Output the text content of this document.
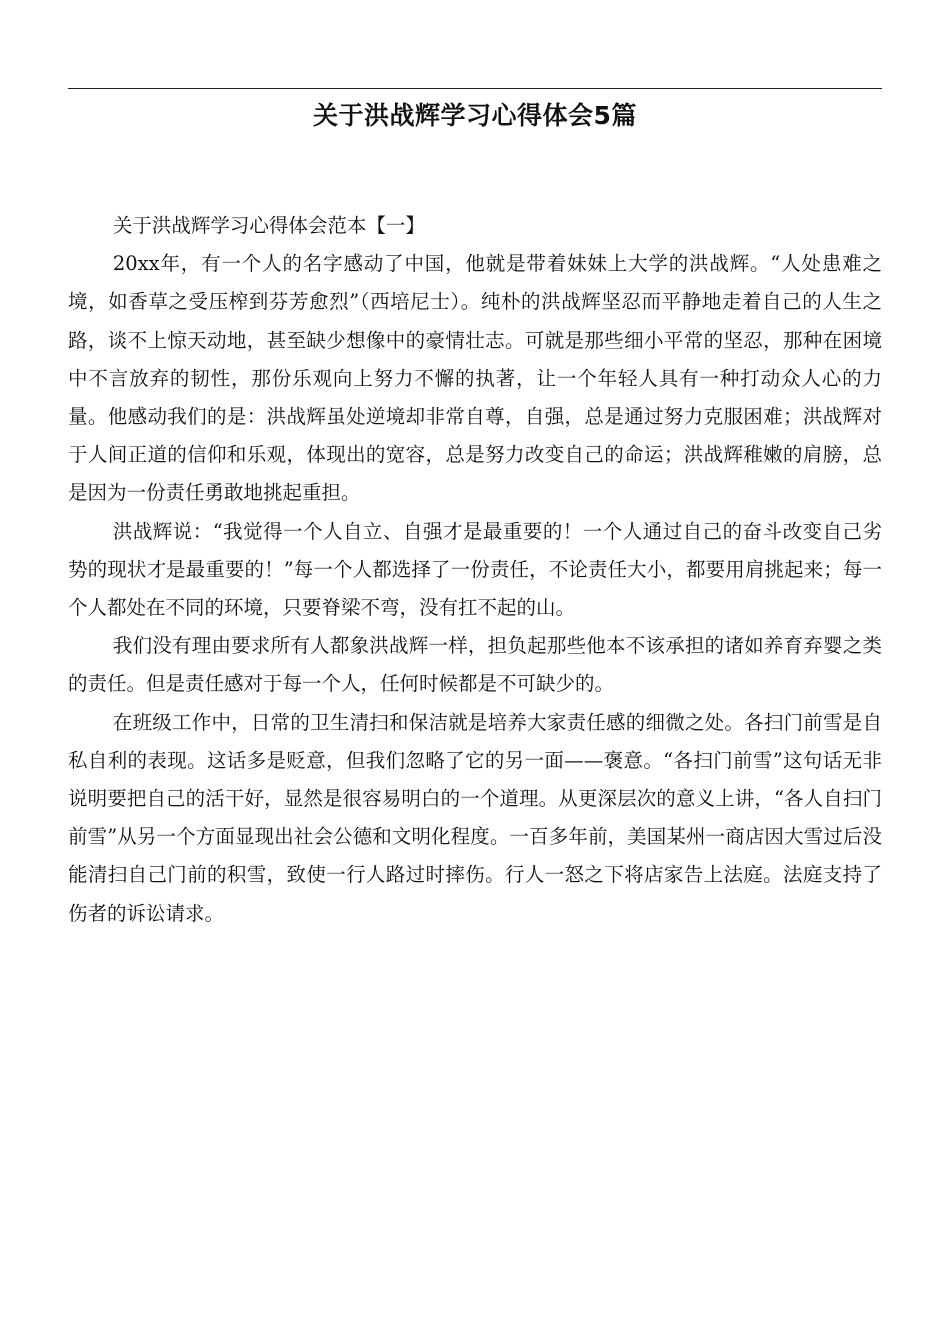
关于洪战辉学习心得体会5篇

关于洪战辉学习心得体会范本【一】

20xx年，有一个人的名字感动了中国，他就是带着妹妹上大学的洪战辉。“人处患难之境，如香草之受压榨到芬芳愈烈”（西培尼士）。纯朴的洪战辉坚忍而平静地走着自己的人生之路，谈不上惊天动地，甚至缺少想像中的豪情壮志。可就是那些细小平常的坚忍，那种在困境中不言放弃的韧性，那份乐观向上努力不懈的执著，让一个年轻人具有一种打动众人心的力量。他感动我们的是：洪战辉虽处逆境却非常自尊，自强，总是通过努力克服困难；洪战辉对于人间正道的信仰和乐观，体现出的宽容，总是努力改变自己的命运；洪战辉稚嫩的肩膀，总是因为一份责任勇敢地挑起重担。

洪战辉说：“我觉得一个人自立、自强才是最重要的！一个人通过自己的奋斗改变自己劣势的现状才是最重要的！”每一个人都选择了一份责任，不论责任大小，都要用肩挑起来；每一个人都处在不同的环境，只要脊梁不弯，没有扛不起的山。

我们没有理由要求所有人都象洪战辉一样，担负起那些他本不该承担的诸如养育弃婴之类的责任。但是责任感对于每一个人，任何时候都是不可缺少的。

在班级工作中，日常的卫生清扫和保洁就是培养大家责任感的细微之处。各扫门前雪是自私自利的表现。这话多是贬意，但我们忽略了它的另一面——褒意。“各扫门前雪”这句话无非说明要把自己的活干好，显然是很容易明白的一个道理。从更深层次的意义上讲，“各人自扫门前雪”从另一个方面显现出社会公德和文明化程度。一百多年前，美国某州一商店因大雪过后没能清扫自己门前的积雪，致使一行人路过时摔伤。行人一怒之下将店家告上法庭。法庭支持了伤者的诉讼请求。
